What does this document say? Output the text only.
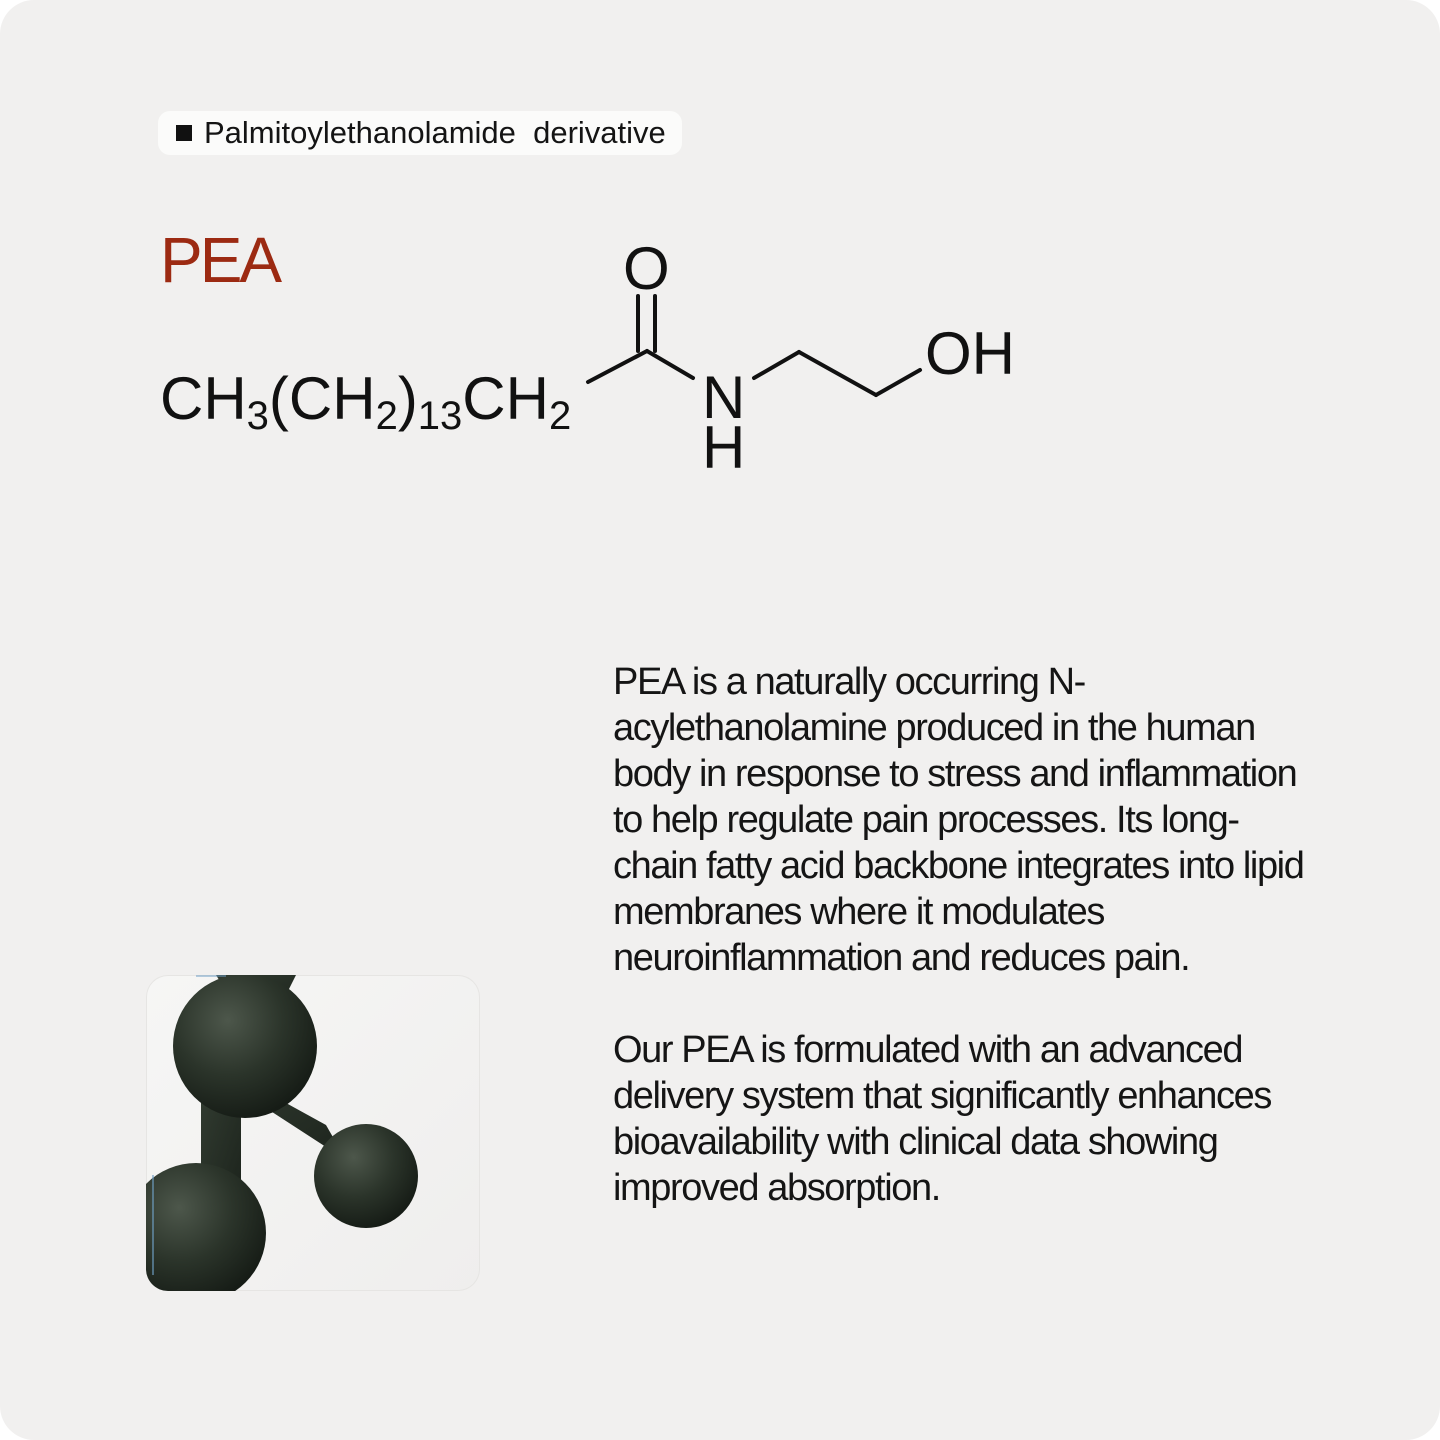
Palmitoylethanolamide  derivative
PEA
CH3(CH2)13CH2
O
N
H
OH

PEA is a naturally occurring N-acylethanolamine produced in the human body in response to stress and inflammation to help regulate pain processes. Its long-chain fatty acid backbone integrates into lipid membranes where it modulates neuroinflammation and reduces pain.

Our PEA is formulated with an advanced delivery system that significantly enhances bioavailability with clinical data showing improved absorption.
